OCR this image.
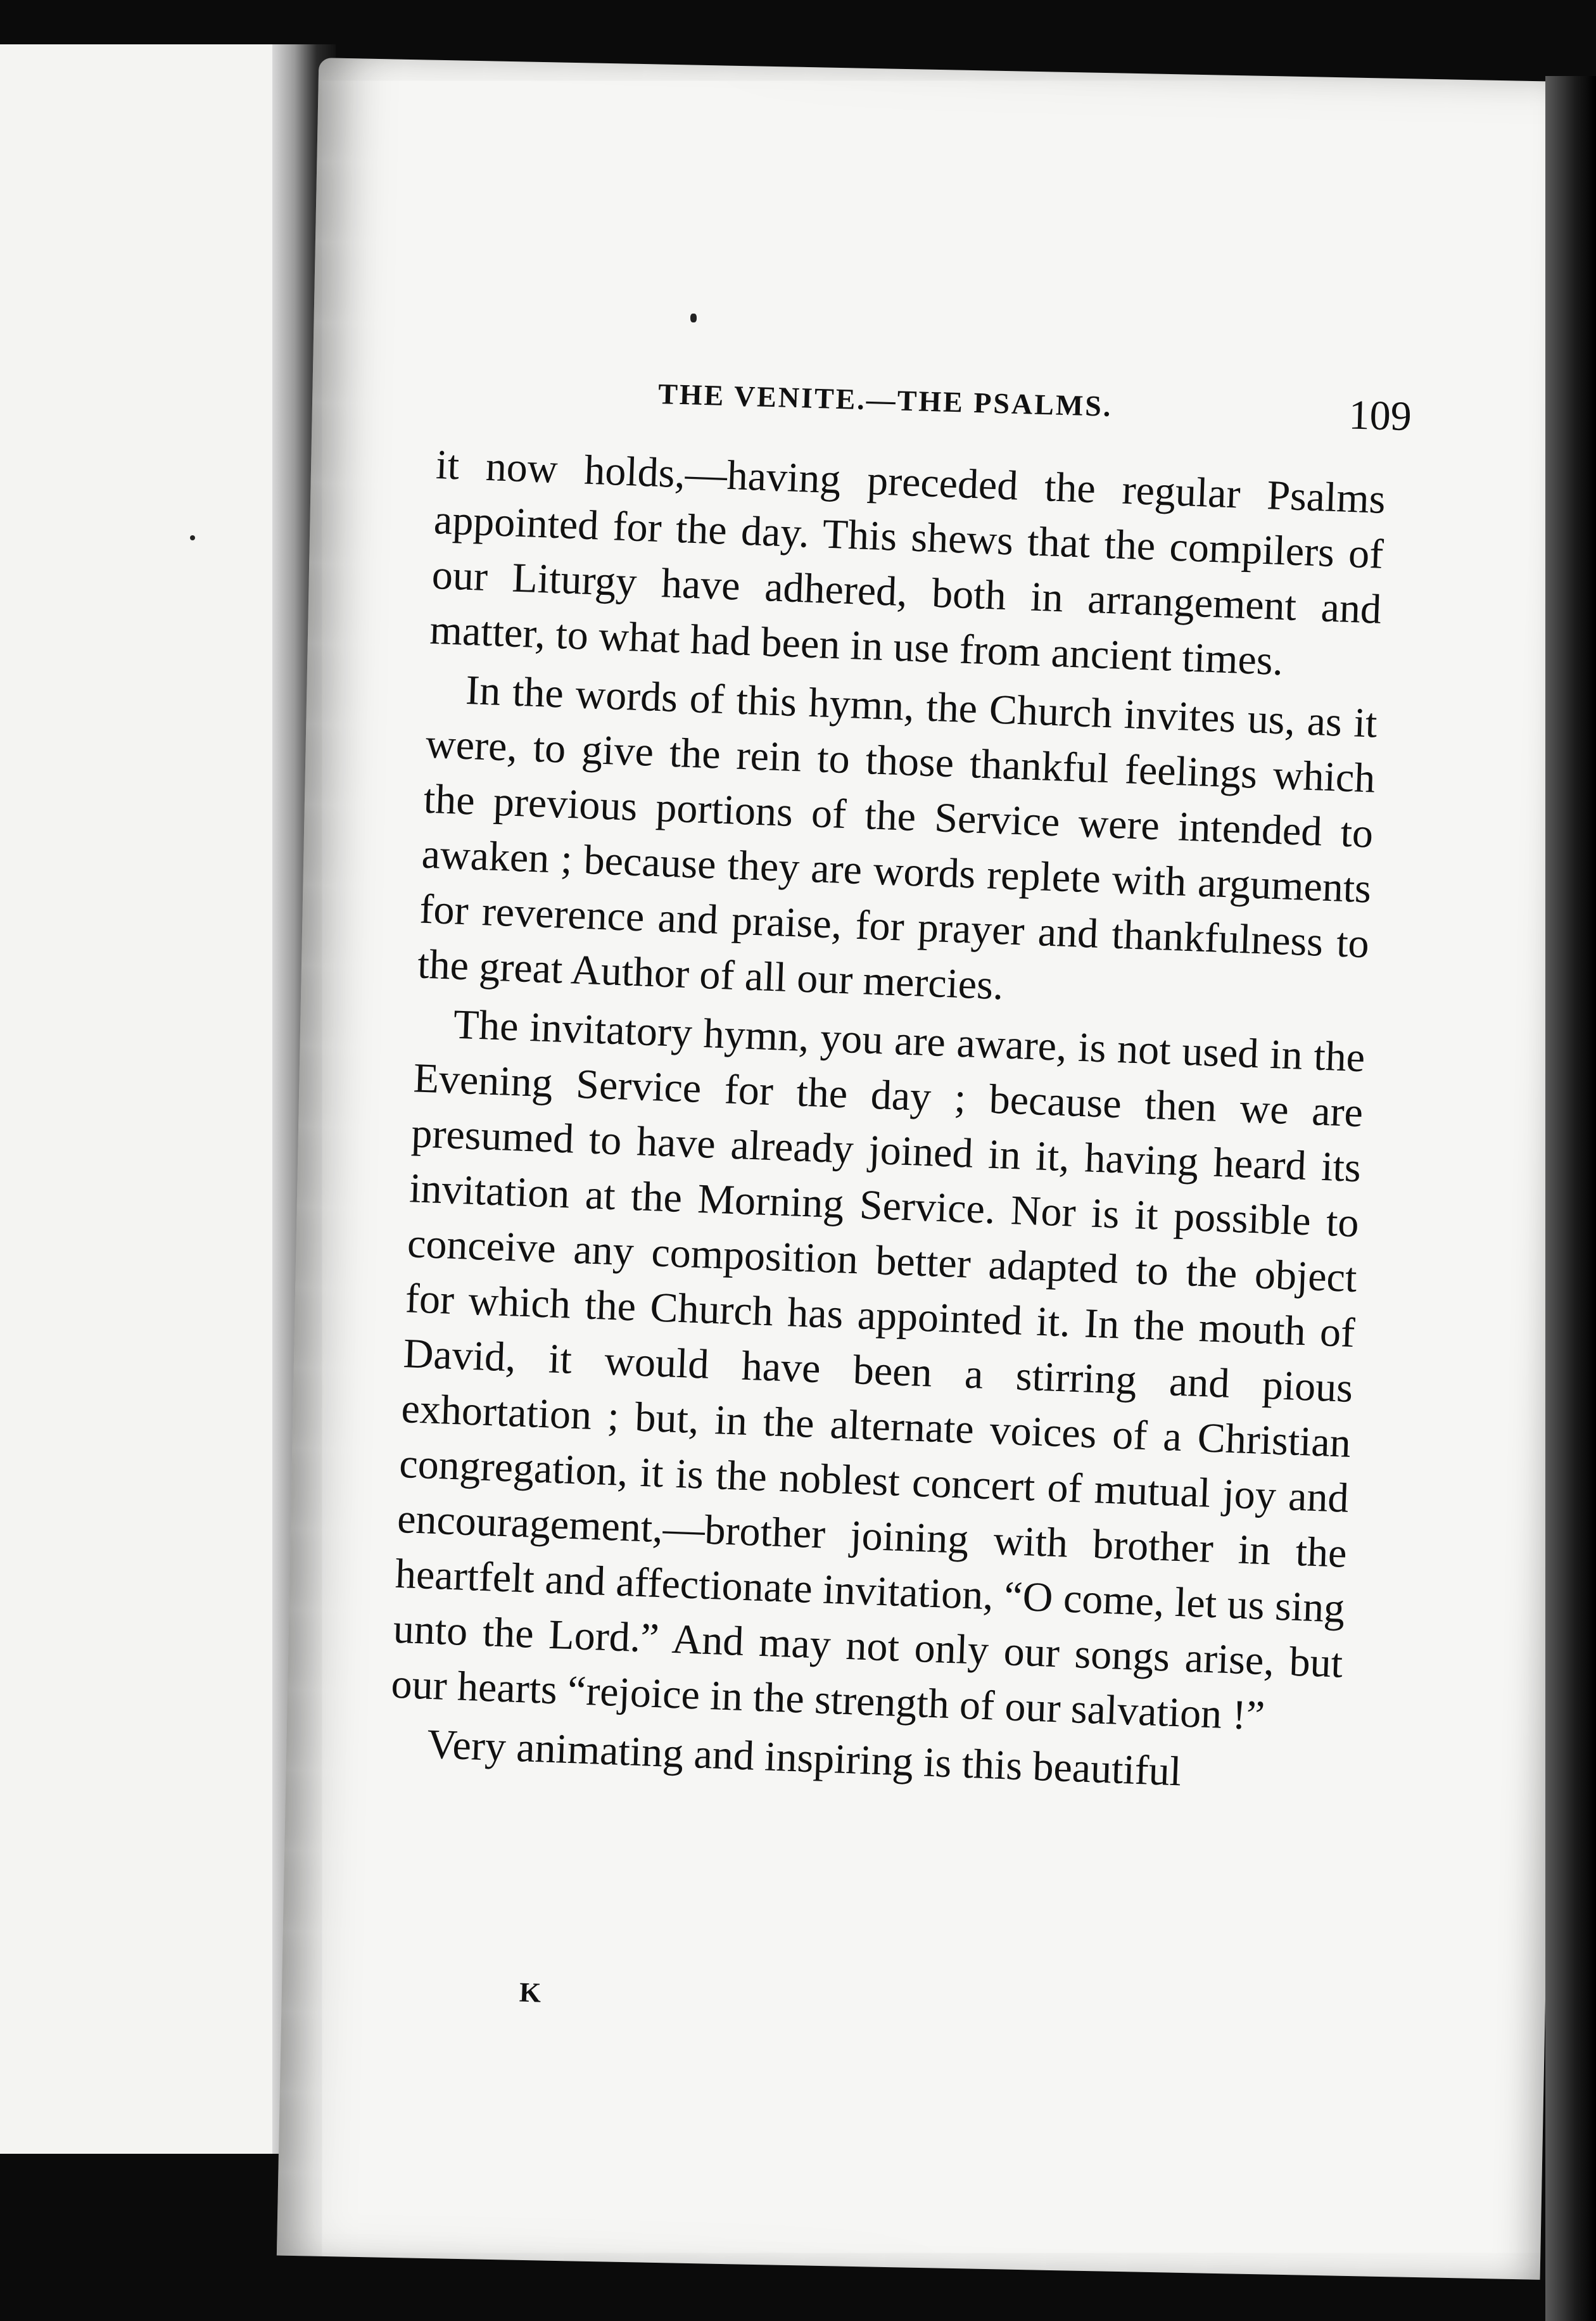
THE VENITE.—THE PSALMS.	109

it now holds,—having preceded the regular Psalms appointed for the day. This shews that the compilers of our Liturgy have adhered, both in arrangement and matter, to what had been in use from ancient times.

In the words of this hymn, the Church invites us, as it were, to give the rein to those thankful feelings which the previous portions of the Service were intended to awaken ; because they are words replete with arguments for reverence and praise, for prayer and thankfulness to the great Author of all our mercies.

The invitatory hymn, you are aware, is not used in the Evening Service for the day ; because then we are presumed to have already joined in it, having heard its invitation at the Morning Service. Nor is it possible to conceive any composition better adapted to the object for which the Church has appointed it. In the mouth of David, it would have been a stirring and pious exhortation ; but, in the alternate voices of a Christian congregation, it is the noblest concert of mutual joy and encouragement,—brother joining with brother in the heartfelt and affectionate invitation, “O come, let us sing unto the Lord.” And may not only our songs arise, but our hearts “rejoice in the strength of our salvation !”

Very animating and inspiring is this beautiful

K
